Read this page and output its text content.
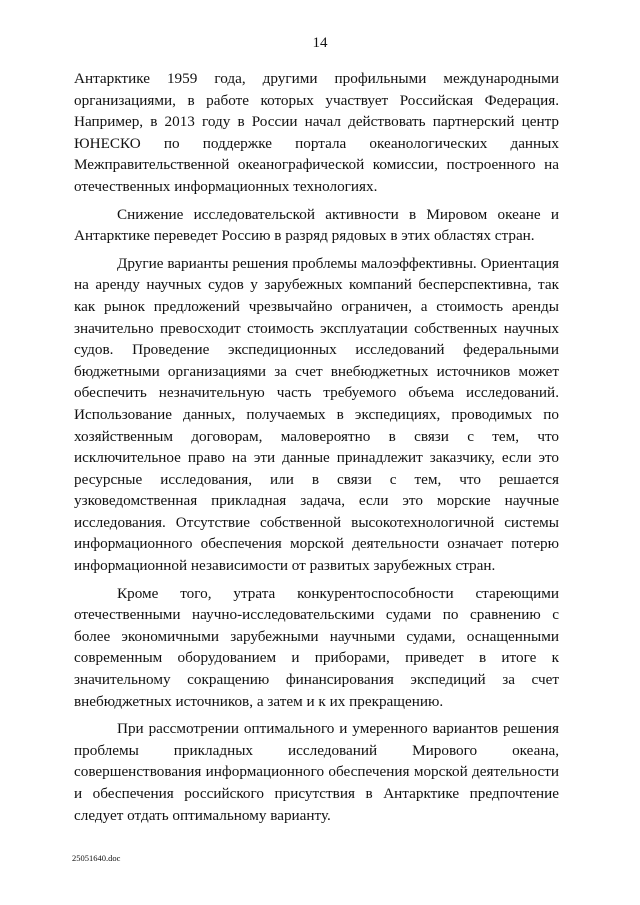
14

Антарктике 1959 года, другими профильными международными организациями, в работе которых участвует Российская Федерация. Например, в 2013 году в России начал действовать партнерский центр ЮНЕСКО по поддержке портала океанологических данных Межправительственной океанографической комиссии, построенного на отечественных информационных технологиях.

Снижение исследовательской активности в Мировом океане и Антарктике переведет Россию в разряд рядовых в этих областях стран.

Другие варианты решения проблемы малоэффективны. Ориентация на аренду научных судов у зарубежных компаний бесперспективна, так как рынок предложений чрезвычайно ограничен, а стоимость аренды значительно превосходит стоимость эксплуатации собственных научных судов. Проведение экспедиционных исследований федеральными бюджетными организациями за счет внебюджетных источников может обеспечить незначительную часть требуемого объема исследований. Использование данных, получаемых в экспедициях, проводимых по хозяйственным договорам, маловероятно в связи с тем, что исключительное право на эти данные принадлежит заказчику, если это ресурсные исследования, или в связи с тем, что решается узковедомственная прикладная задача, если это морские научные исследования. Отсутствие собственной высокотехнологичной системы информационного обеспечения морской деятельности означает потерю информационной независимости от развитых зарубежных стран.

Кроме того, утрата конкурентоспособности стареющими отечественными научно-исследовательскими судами по сравнению с более экономичными зарубежными научными судами, оснащенными современным оборудованием и приборами, приведет в итоге к значительному сокращению финансирования экспедиций за счет внебюджетных источников, а затем и к их прекращению.

При рассмотрении оптимального и умеренного вариантов решения проблемы прикладных исследований Мирового океана, совершенствования информационного обеспечения морской деятельности и обеспечения российского присутствия в Антарктике предпочтение следует отдать оптимальному варианту.

25051640.doc
